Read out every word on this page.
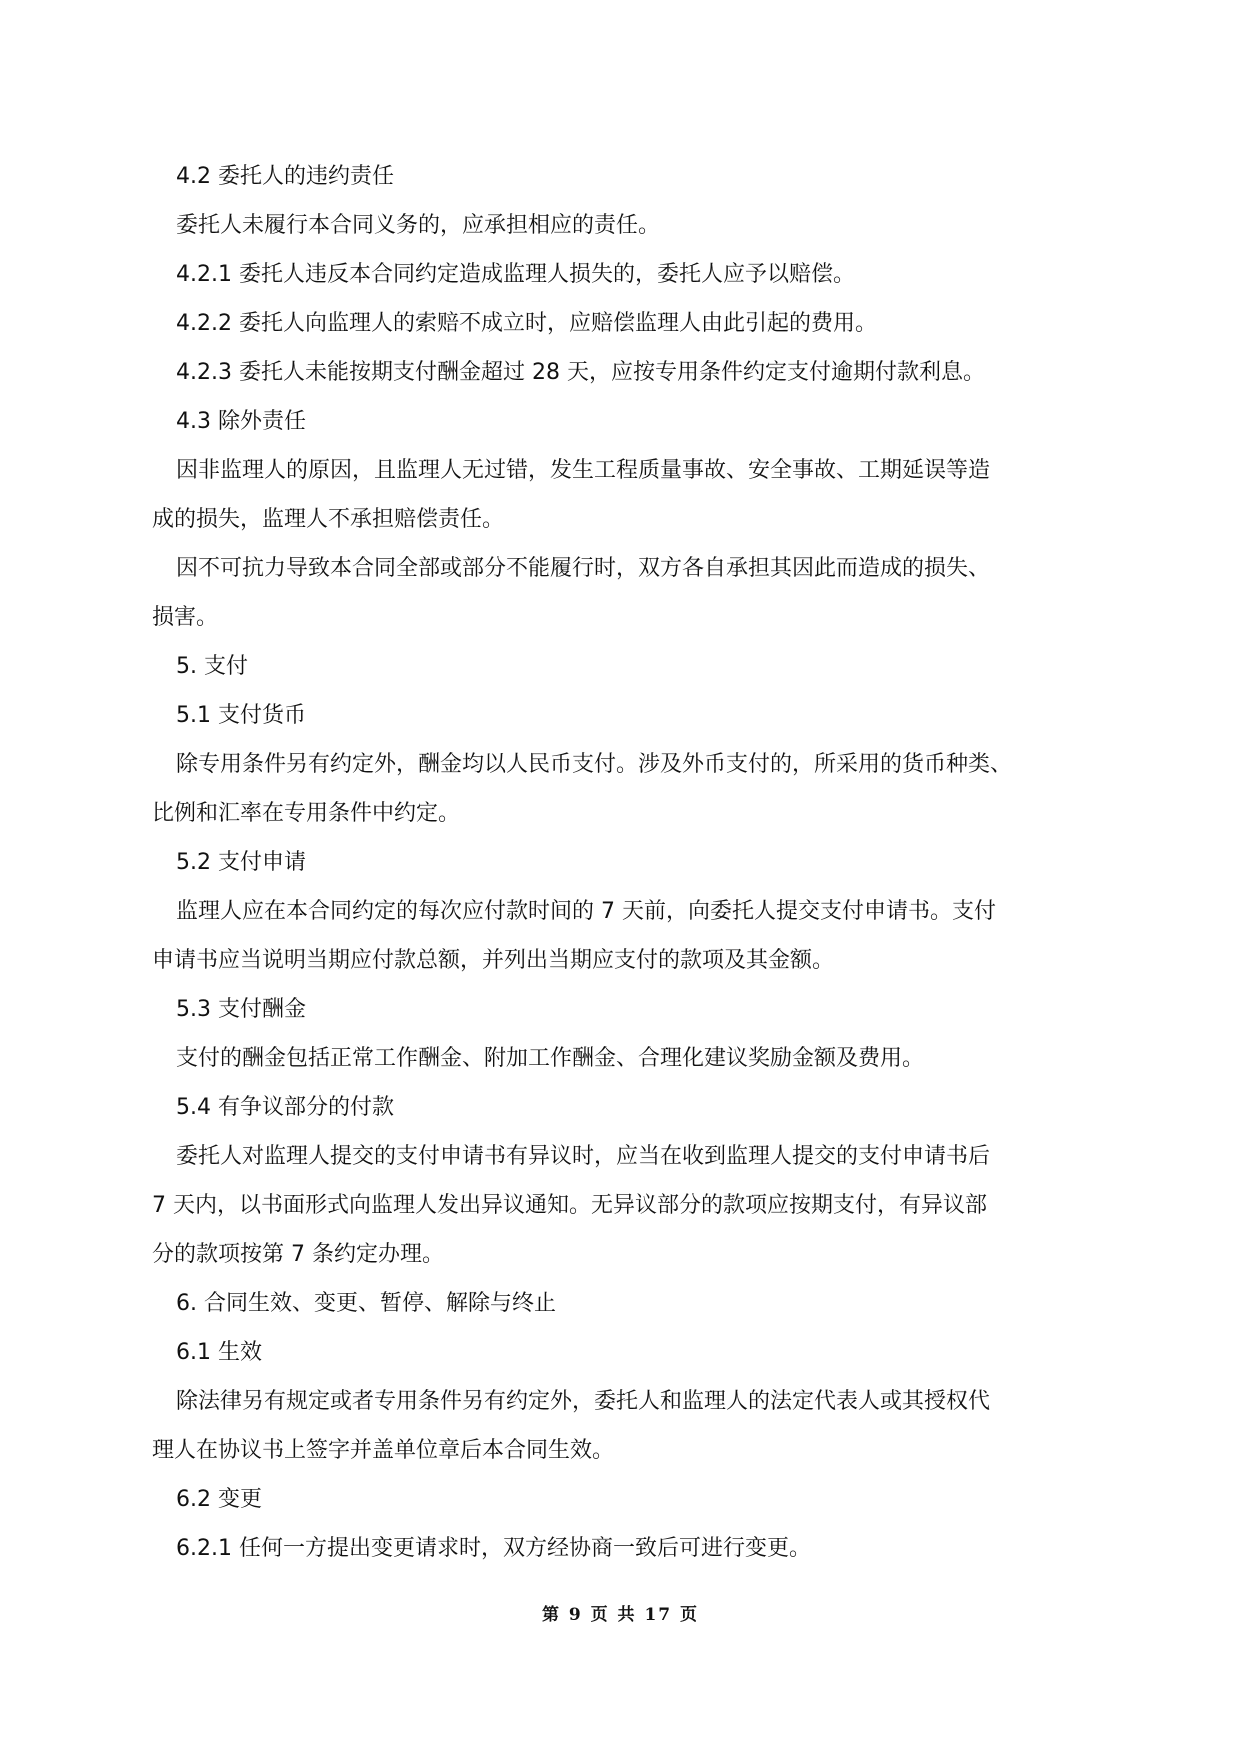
4.2 委托人的违约责任
委托人未履行本合同义务的，应承担相应的责任。
4.2.1 委托人违反本合同约定造成监理人损失的，委托人应予以赔偿。
4.2.2 委托人向监理人的索赔不成立时，应赔偿监理人由此引起的费用。
4.2.3 委托人未能按期支付酬金超过 28 天，应按专用条件约定支付逾期付款利息。
4.3 除外责任
因非监理人的原因，且监理人无过错，发生工程质量事故、安全事故、工期延误等造
成的损失，监理人不承担赔偿责任。
因不可抗力导致本合同全部或部分不能履行时，双方各自承担其因此而造成的损失、
损害。
5. 支付
5.1 支付货币
除专用条件另有约定外，酬金均以人民币支付。涉及外币支付的，所采用的货币种类、
比例和汇率在专用条件中约定。
5.2 支付申请
监理人应在本合同约定的每次应付款时间的 7 天前，向委托人提交支付申请书。支付
申请书应当说明当期应付款总额，并列出当期应支付的款项及其金额。
5.3 支付酬金
支付的酬金包括正常工作酬金、附加工作酬金、合理化建议奖励金额及费用。
5.4 有争议部分的付款
委托人对监理人提交的支付申请书有异议时，应当在收到监理人提交的支付申请书后
7 天内，以书面形式向监理人发出异议通知。无异议部分的款项应按期支付，有异议部
分的款项按第 7 条约定办理。
6. 合同生效、变更、暂停、解除与终止
6.1 生效
除法律另有规定或者专用条件另有约定外，委托人和监理人的法定代表人或其授权代
理人在协议书上签字并盖单位章后本合同生效。
6.2 变更
6.2.1 任何一方提出变更请求时，双方经协商一致后可进行变更。
第 9 页 共 17 页
